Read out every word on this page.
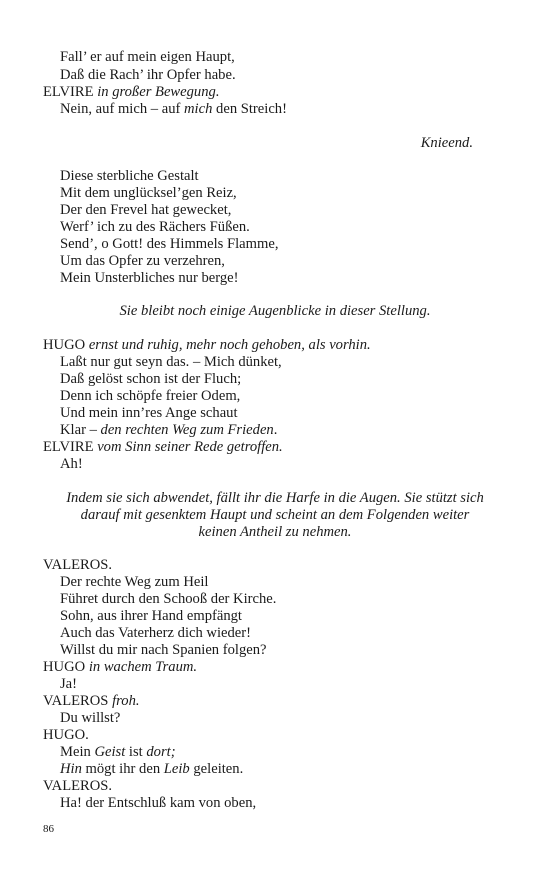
Fall’ er auf mein eigen Haupt,
Daß die Rach’ ihr Opfer habe.
ELVIRE in großer Bewegung.
Nein, auf mich – auf mich den Streich!
Knieend.
Diese sterbliche Gestalt
Mit dem unglücksel’gen Reiz,
Der den Frevel hat gewecket,
Werf’ ich zu des Rächers Füßen.
Send’, o Gott! des Himmels Flamme,
Um das Opfer zu verzehren,
Mein Unsterbliches nur berge!
Sie bleibt noch einige Augenblicke in dieser Stellung.
HUGO ernst und ruhig, mehr noch gehoben, als vorhin.
Laßt nur gut seyn das. – Mich dünket,
Daß gelöst schon ist der Fluch;
Denn ich schöpfe freier Odem,
Und mein inn’res Ange schaut
Klar – den rechten Weg zum Frieden.
ELVIRE vom Sinn seiner Rede getroffen.
Ah!
Indem sie sich abwendet, fällt ihr die Harfe in die Augen. Sie stützt sich
darauf mit gesenktem Haupt und scheint an dem Folgenden weiter
keinen Antheil zu nehmen.
VALEROS.
Der rechte Weg zum Heil
Führet durch den Schooß der Kirche.
Sohn, aus ihrer Hand empfängt
Auch das Vaterherz dich wieder!
Willst du mir nach Spanien folgen?
HUGO in wachem Traum.
Ja!
VALEROS froh.
Du willst?
HUGO.
Mein Geist ist dort;
Hin mögt ihr den Leib geleiten.
VALEROS.
Ha! der Entschluß kam von oben,
86
